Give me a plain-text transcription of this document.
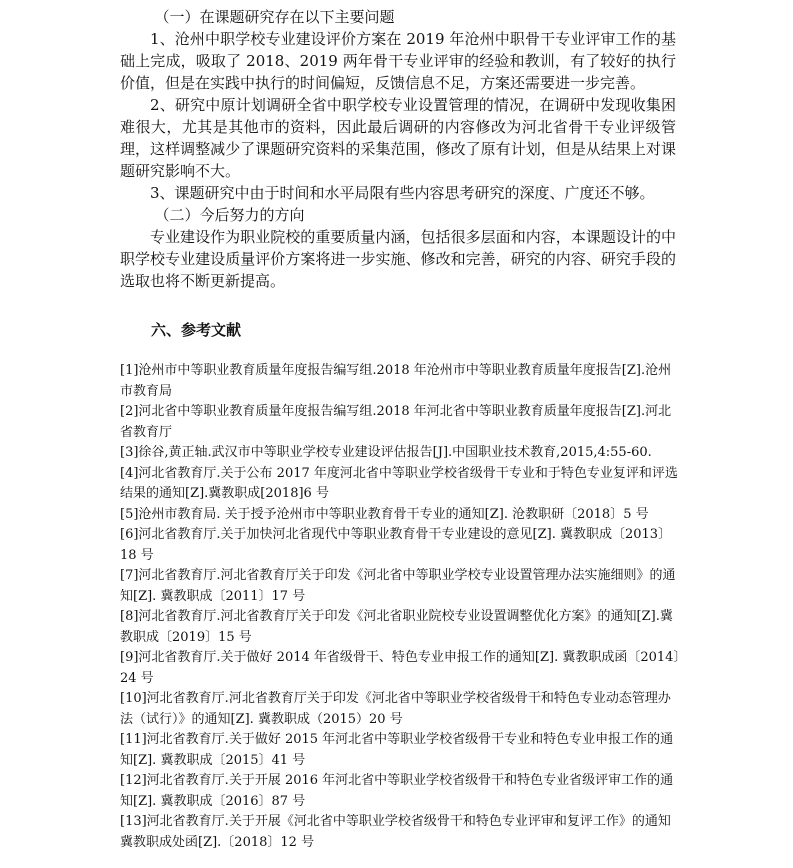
（一）在课题研究存在以下主要问题

1、沧州中职学校专业建设评价方案在 2019 年沧州中职骨干专业评审工作的基础上完成，吸取了 2018、2019 两年骨干专业评审的经验和教训，有了较好的执行价值，但是在实践中执行的时间偏短，反馈信息不足，方案还需要进一步完善。

2、研究中原计划调研全省中职学校专业设置管理的情况，在调研中发现收集困难很大，尤其是其他市的资料，因此最后调研的内容修改为河北省骨干专业评级管理，这样调整减少了课题研究资料的采集范围，修改了原有计划，但是从结果上对课题研究影响不大。

3、课题研究中由于时间和水平局限有些内容思考研究的深度、广度还不够。

（二）今后努力的方向

专业建设作为职业院校的重要质量内涵，包括很多层面和内容，本课题设计的中职学校专业建设质量评价方案将进一步实施、修改和完善，研究的内容、研究手段的选取也将不断更新提高。

六、参考文献
[1]沧州市中等职业教育质量年度报告编写组.2018 年沧州市中等职业教育质量年度报告[Z].沧州市教育局
[2]河北省中等职业教育质量年度报告编写组.2018 年河北省中等职业教育质量年度报告[Z].河北省教育厅
[3]徐谷,黄正轴.武汉市中等职业学校专业建设评估报告[J].中国职业技术教育,2015,4:55-60.
[4]河北省教育厅.关于公布 2017 年度河北省中等职业学校省级骨干专业和于特色专业复评和评选结果的通知[Z].冀教职成[2018]6 号
[5]沧州市教育局. 关于授予沧州市中等职业教育骨干专业的通知[Z]. 沧教职研〔2018〕5 号
[6]河北省教育厅.关于加快河北省现代中等职业教育骨干专业建设的意见[Z]. 冀教职成〔2013〕18 号
[7]河北省教育厅.河北省教育厅关于印发《河北省中等职业学校专业设置管理办法实施细则》的通知[Z]. 冀教职成〔2011〕17 号
[8]河北省教育厅.河北省教育厅关于印发《河北省职业院校专业设置调整优化方案》的通知[Z].冀教职成〔2019〕15 号
[9]河北省教育厅.关于做好 2014 年省级骨干、特色专业申报工作的通知[Z]. 冀教职成函〔2014〕24 号
[10]河北省教育厅.河北省教育厅关于印发《河北省中等职业学校省级骨干和特色专业动态管理办法（试行）》的通知[Z]. 冀教职成（2015）20 号
[11]河北省教育厅.关于做好 2015 年河北省中等职业学校省级骨干专业和特色专业申报工作的通知[Z]. 冀教职成〔2015〕41 号
[12]河北省教育厅.关于开展 2016 年河北省中等职业学校省级骨干和特色专业省级评审工作的通知[Z]. 冀教职成〔2016〕87 号
[13]河北省教育厅.关于开展《河北省中等职业学校省级骨干和特色专业评审和复评工作》的通知冀教职成处函[Z].〔2018〕12 号
